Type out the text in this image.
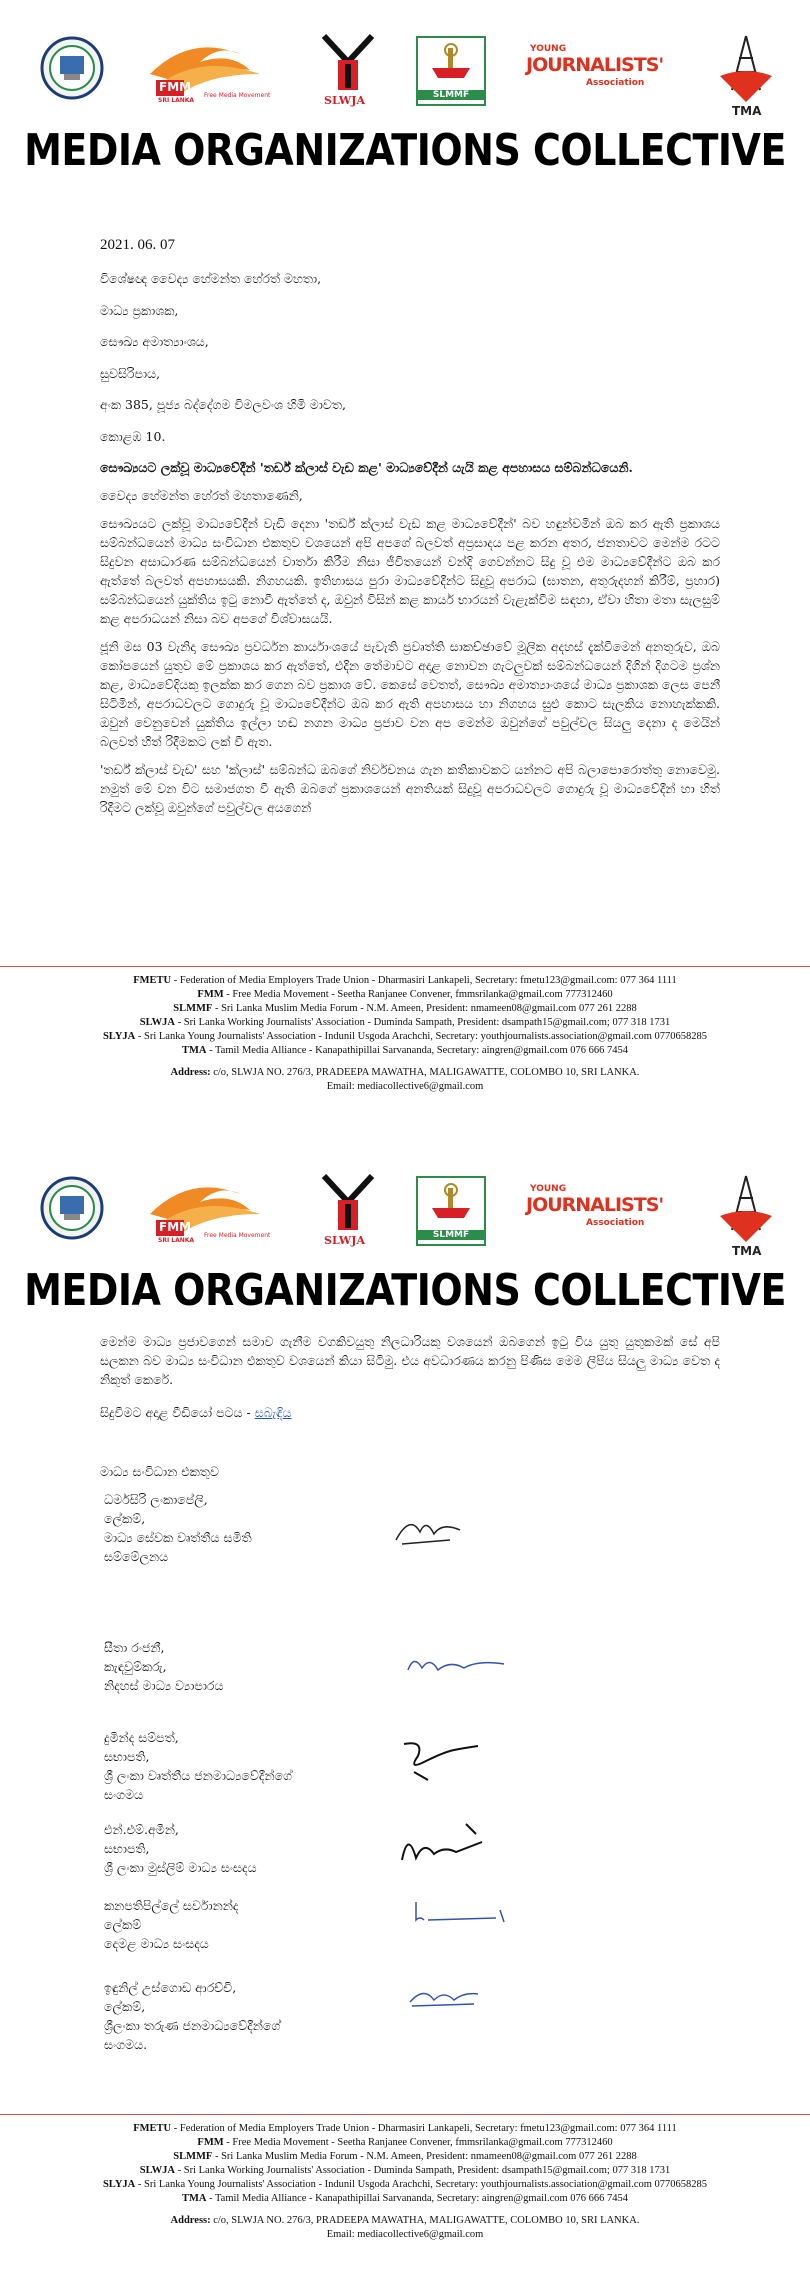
FMM
SRI LANKA
Free Media Movement	SLWJA	SLMMF
YOUNG
JOURNALISTS'
Association
TMA
MEDIA ORGANIZATIONS COLLECTIVE

2021. 06. 07

විශේෂඥ වෛද්‍ය හේමන්ත හේරත් මහතා,

මාධ්‍ය ප්‍රකාශක,

සෞඛ්‍ය අමාත්‍යාංශය,

සුවසිරිපාය,

අංක 385, පූජ්‍ය බද්දේගම විමලවංශ හිමි මාවත,

කොළඹ 10.

සෞඛ්‍යයට ලක්වූ මාධ්‍යවේදීන් 'තර්ඩ් ක්ලාස් වැඩ කළ' මාධ්‍යවේදීන් යැයි කළ අපහාසය සම්බන්ධයෙනි.

වෛද්‍ය හේමන්ත හේරත් මහතාණෙනි,

සෞඛ්‍යයට ලක්වූ මාධ්‍යවේදීන් වැඩි දෙනා 'තර්ඩ් ක්ලාස් වැඩ කළ මාධ්‍යවේදීන්' බව හඳුන්වමින් ඔබ කර ඇති ප්‍රකාශය සම්බන්ධයෙන් මාධ්‍ය සංවිධාන එකතුව වශයෙන් අපි අපගේ බලවත් අප්‍රසාදය පළ කරන අතර, ජනතාවට මෙන්ම රටට සිදුවන අසාධාරණ සම්බන්ධයෙන් වාර්තා කිරීම නිසා ජීවිතයෙන් වන්දි ගෙවන්නට සිදු වූ එම මාධ්‍යවේදීන්ට ඔබ කර ඇත්තේ බලවත් අපහාසයකි. නිගහයකි. ඉතිහාසය පුරා මාධ්‍යවේදීන්ට සිදුවූ අපරාධ (ඝාතන, අතුරුදහන් කිරීම්, ප්‍රහාර) සම්බන්ධයෙන් යුක්තිය ඉටු නොවී ඇත්තේ ද, ඔවුන් විසින් කළ කාර්ය භාරයන් වැළැක්වීම සඳහා, ඒවා හිතා මතා සැලසුම් කළ අපරාධයන් නිසා බව අපගේ විශ්වාසයයි.

ජූනි මස 03 වැනිදා සෞඛ්‍ය ප්‍රවර්ධන කාර්යාංශයේ පැවැති ප්‍රවෘත්ති සාකච්ඡාවේ මූලික අදහස් දැක්වීමෙන් අනතුරුව, ඔබ කෝපයෙන් යුතුව මේ ප්‍රකාශය කර ඇත්තේ, එදින තේමාවට අදාළ නොවන ගැටලුවක් සම්බන්ධයෙන් දිගින් දිගටම ප්‍රශ්න කළ, මාධ්‍යවේදියකු ඉලක්ක කර ගෙන බව ප්‍රකාශ වේ. කෙසේ වෙතත්, සෞඛ්‍ය අමාත්‍යාංශයේ මාධ්‍ය ප්‍රකාශක ලෙස පෙනී සිටිමින්, අපරාධවලට ගොදුරු වූ මාධ්‍යවේදීන්ට ඔබ කර ඇති අපහාසය හා නිගහය සුළු කොට සැලකිය නොහැක්කකි. ඔවුන් වෙනුවෙන් යුක්තිය ඉල්ලා හඬ නගන මාධ්‍ය ප්‍රජාව වන අප මෙන්ම ඔවුන්ගේ පවුල්වල සියලු දෙනා ද මෙයින් බලවත් හිත් රිදීමකට ලක් වී ඇත.

'තර්ඩ් ක්ලාස් වැඩ' සහ 'ක්ලාස්' සම්බන්ධ ඔබගේ නිර්වචනය ගැන කතිකාවකට යන්නට අපි බලාපොරොත්තු නොවෙමු. නමුත් මේ වන විට සමාජගත වී ඇති ඔබගේ ප්‍රකාශයෙන් අනතියක් සිදුවූ අපරාධවලට ගොදුරු වූ මාධ්‍යවේදීන් හා හිත් රිදීමට ලක්වූ ඔවුන්ගේ පවුල්වල අයගෙන්

FMETU - Federation of Media Employers Trade Union - Dharmasiri Lankapeli, Secretary: fmetu123@gmail.com: 077 364 1111
FMM - Free Media Movement - Seetha Ranjanee Convener, fmmsrilanka@gmail.com 777312460
SLMMF - Sri Lanka Muslim Media Forum - N.M. Ameen, President: nmameen08@gmail.com 077 261 2288
SLWJA - Sri Lanka Working Journalists' Association - Duminda Sampath, President: dsampath15@gmail.com; 077 318 1731
SLYJA - Sri Lanka Young Journalists' Association - Indunil Usgoda Arachchi, Secretary: youthjournalists.association@gmail.com 0770658285
TMA - Tamil Media Alliance - Kanapathipillai Sarvananda, Secretary: aingren@gmail.com 076 666 7454
Address: c/o, SLWJA NO. 276/3, PRADEEPA MAWATHA, MALIGAWATTE, COLOMBO 10, SRI LANKA.
Email: mediacollective6@gmail.com
FMM
SRI LANKA
Free Media Movement	SLWJA	SLMMF
YOUNG
JOURNALISTS'
Association
TMA
MEDIA ORGANIZATIONS COLLECTIVE

මෙන්ම මාධ්‍ය ප්‍රජාවගෙන් සමාව ගැනීම වගකිවයුතු නිලධාරියකු වශයෙන් ඔබගෙන් ඉටු විය යුතු යුතුකමක් සේ අපි සලකන බව මාධ්‍ය සංවිධාන එකතුව වශයෙන් කියා සිටිමු. එය අවධාරණය කරනු පිණිස මෙම ලිපිය සියලු මාධ්‍ය වෙත ද නිකුත් කෙරේ.

සිදුවීමට අදාළ වීඩියෝ පටය - සබැඳිය

මාධ්‍ය සංවිධාන එකතුව

ධර්මසිරි ලංකාපේලි,
ලේකම්,
මාධ්‍ය සේවක වෘත්තීය සමිති
සම්මේලනය
සීතා රංජනී,
කැඳවුම්කරු,
නිදහස් මාධ්‍ය ව්‍යාපාරය
දුමින්ද සම්පත්,
සභාපති,
ශ්‍රී ලංකා වෘත්තීය ජනමාධ්‍යවේදීන්ගේ
සංගමය
එන්.එම්.අමීන්,
සභාපති,
ශ්‍රී ලංකා මුස්ලිම් මාධ්‍ය සංසදය
කනපතිපිල්ලේ සර්වානන්ද
ලේකම්
දෙමළ මාධ්‍ය සංසදය
ඉඳුනිල් උස්ගොඩ ආරච්චි,
ලේකම්,
ශ්‍රීලංකා තරුණ ජනමාධ්‍යවේදීන්ගේ
සංගමය.
FMETU - Federation of Media Employers Trade Union - Dharmasiri Lankapeli, Secretary: fmetu123@gmail.com: 077 364 1111
FMM - Free Media Movement - Seetha Ranjanee Convener, fmmsrilanka@gmail.com 777312460
SLMMF - Sri Lanka Muslim Media Forum - N.M. Ameen, President: nmameen08@gmail.com 077 261 2288
SLWJA - Sri Lanka Working Journalists' Association - Duminda Sampath, President: dsampath15@gmail.com; 077 318 1731
SLYJA - Sri Lanka Young Journalists' Association - Indunil Usgoda Arachchi, Secretary: youthjournalists.association@gmail.com 0770658285
TMA - Tamil Media Alliance - Kanapathipillai Sarvananda, Secretary: aingren@gmail.com 076 666 7454
Address: c/o, SLWJA NO. 276/3, PRADEEPA MAWATHA, MALIGAWATTE, COLOMBO 10, SRI LANKA.
Email: mediacollective6@gmail.com
